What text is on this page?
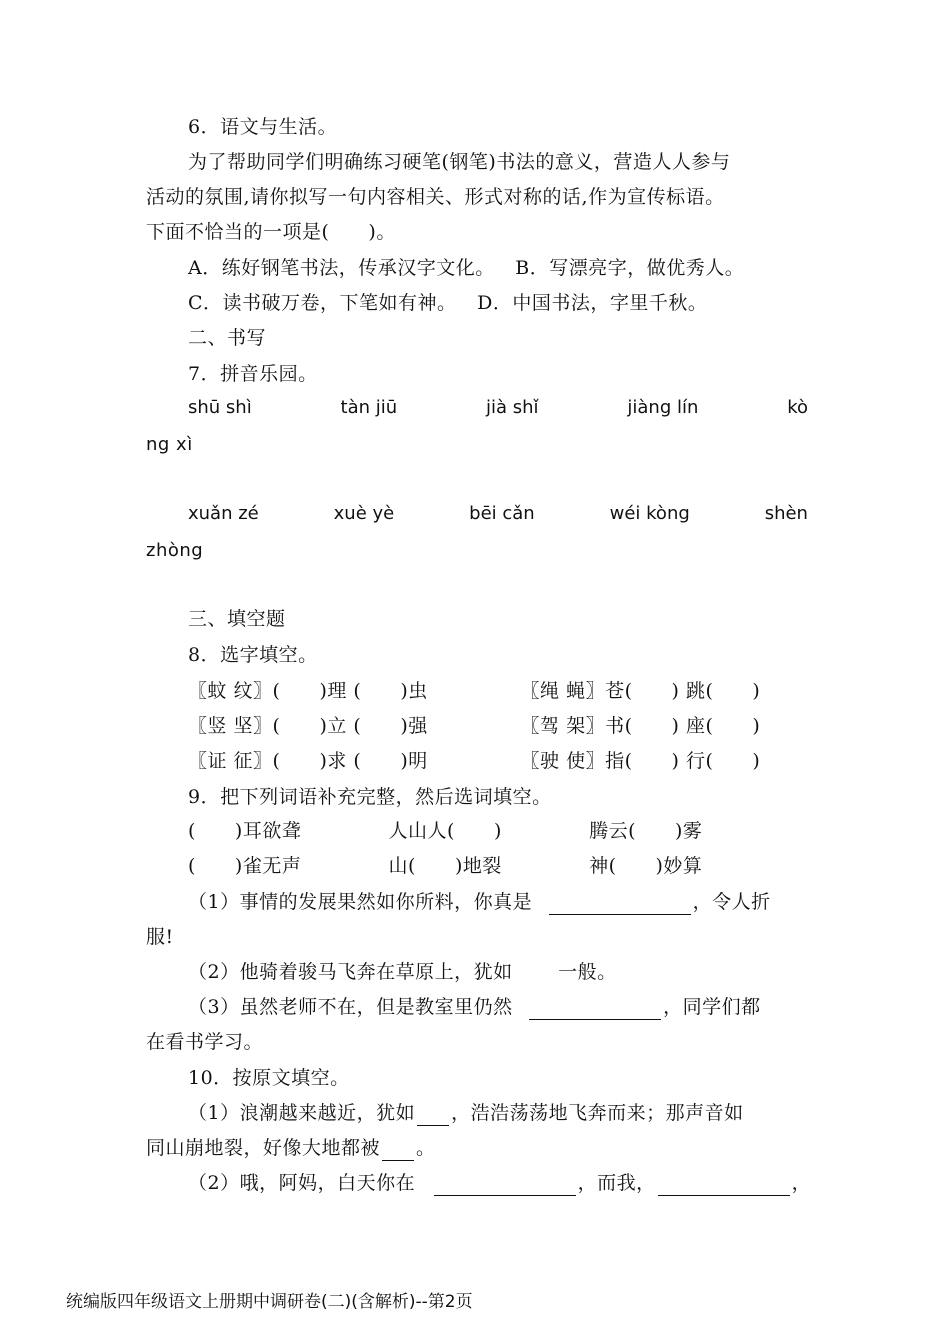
6．语文与生活。
为了帮助同学们明确练习硬笔(钢笔)书法的意义，营造人人参与
活动的氛围,请你拟写一句内容相关、形式对称的话,作为宣传标语。
下面不恰当的一项是(　　)。
A．练好钢笔书法，传承汉字文化。 B．写漂亮字，做优秀人。
C．读书破万卷，下笔如有神。 D．中国书法，字里千秋。
二、书写
7．拼音乐园。
shū shì	tàn jiū	jià shǐ	jiàng lín	kò
ng xì
xuǎn zé	xuè yè	bēi cǎn	wéi kòng	shèn
zhòng
三、填空题
8．选字填空。
〖蚊 纹〗(　　)理 (　　)虫	〖绳 蝇〗苍(　　) 跳(　　)
〖竖 坚〗(　　)立 (　　)强	〖驾 架〗书(　　) 座(　　)
〖证 征〗(　　)求 (　　)明	〖驶 使〗指(　　) 行(　　)
9．把下列词语补充完整，然后选词填空。
(　　)耳欲聋	人山人(　　)	腾云(　　)雾
(　　)雀无声	山(　　)地裂	神(　　)妙算
（1）事情的发展果然如你所料，你真是	，令人折
服!
（2）他骑着骏马飞奔在草原上，犹如　　 一般。
（3）虽然老师不在，但是教室里仍然	，同学们都
在看书学习。
10．按原文填空。
（1）浪潮越来越近，犹如 ，浩浩荡荡地飞奔而来；那声音如
同山崩地裂，好像大地都被 。
（2）哦，阿妈，白天你在	，而我，	，
统编版四年级语文上册期中调研卷(二)(含解析)--第2页
